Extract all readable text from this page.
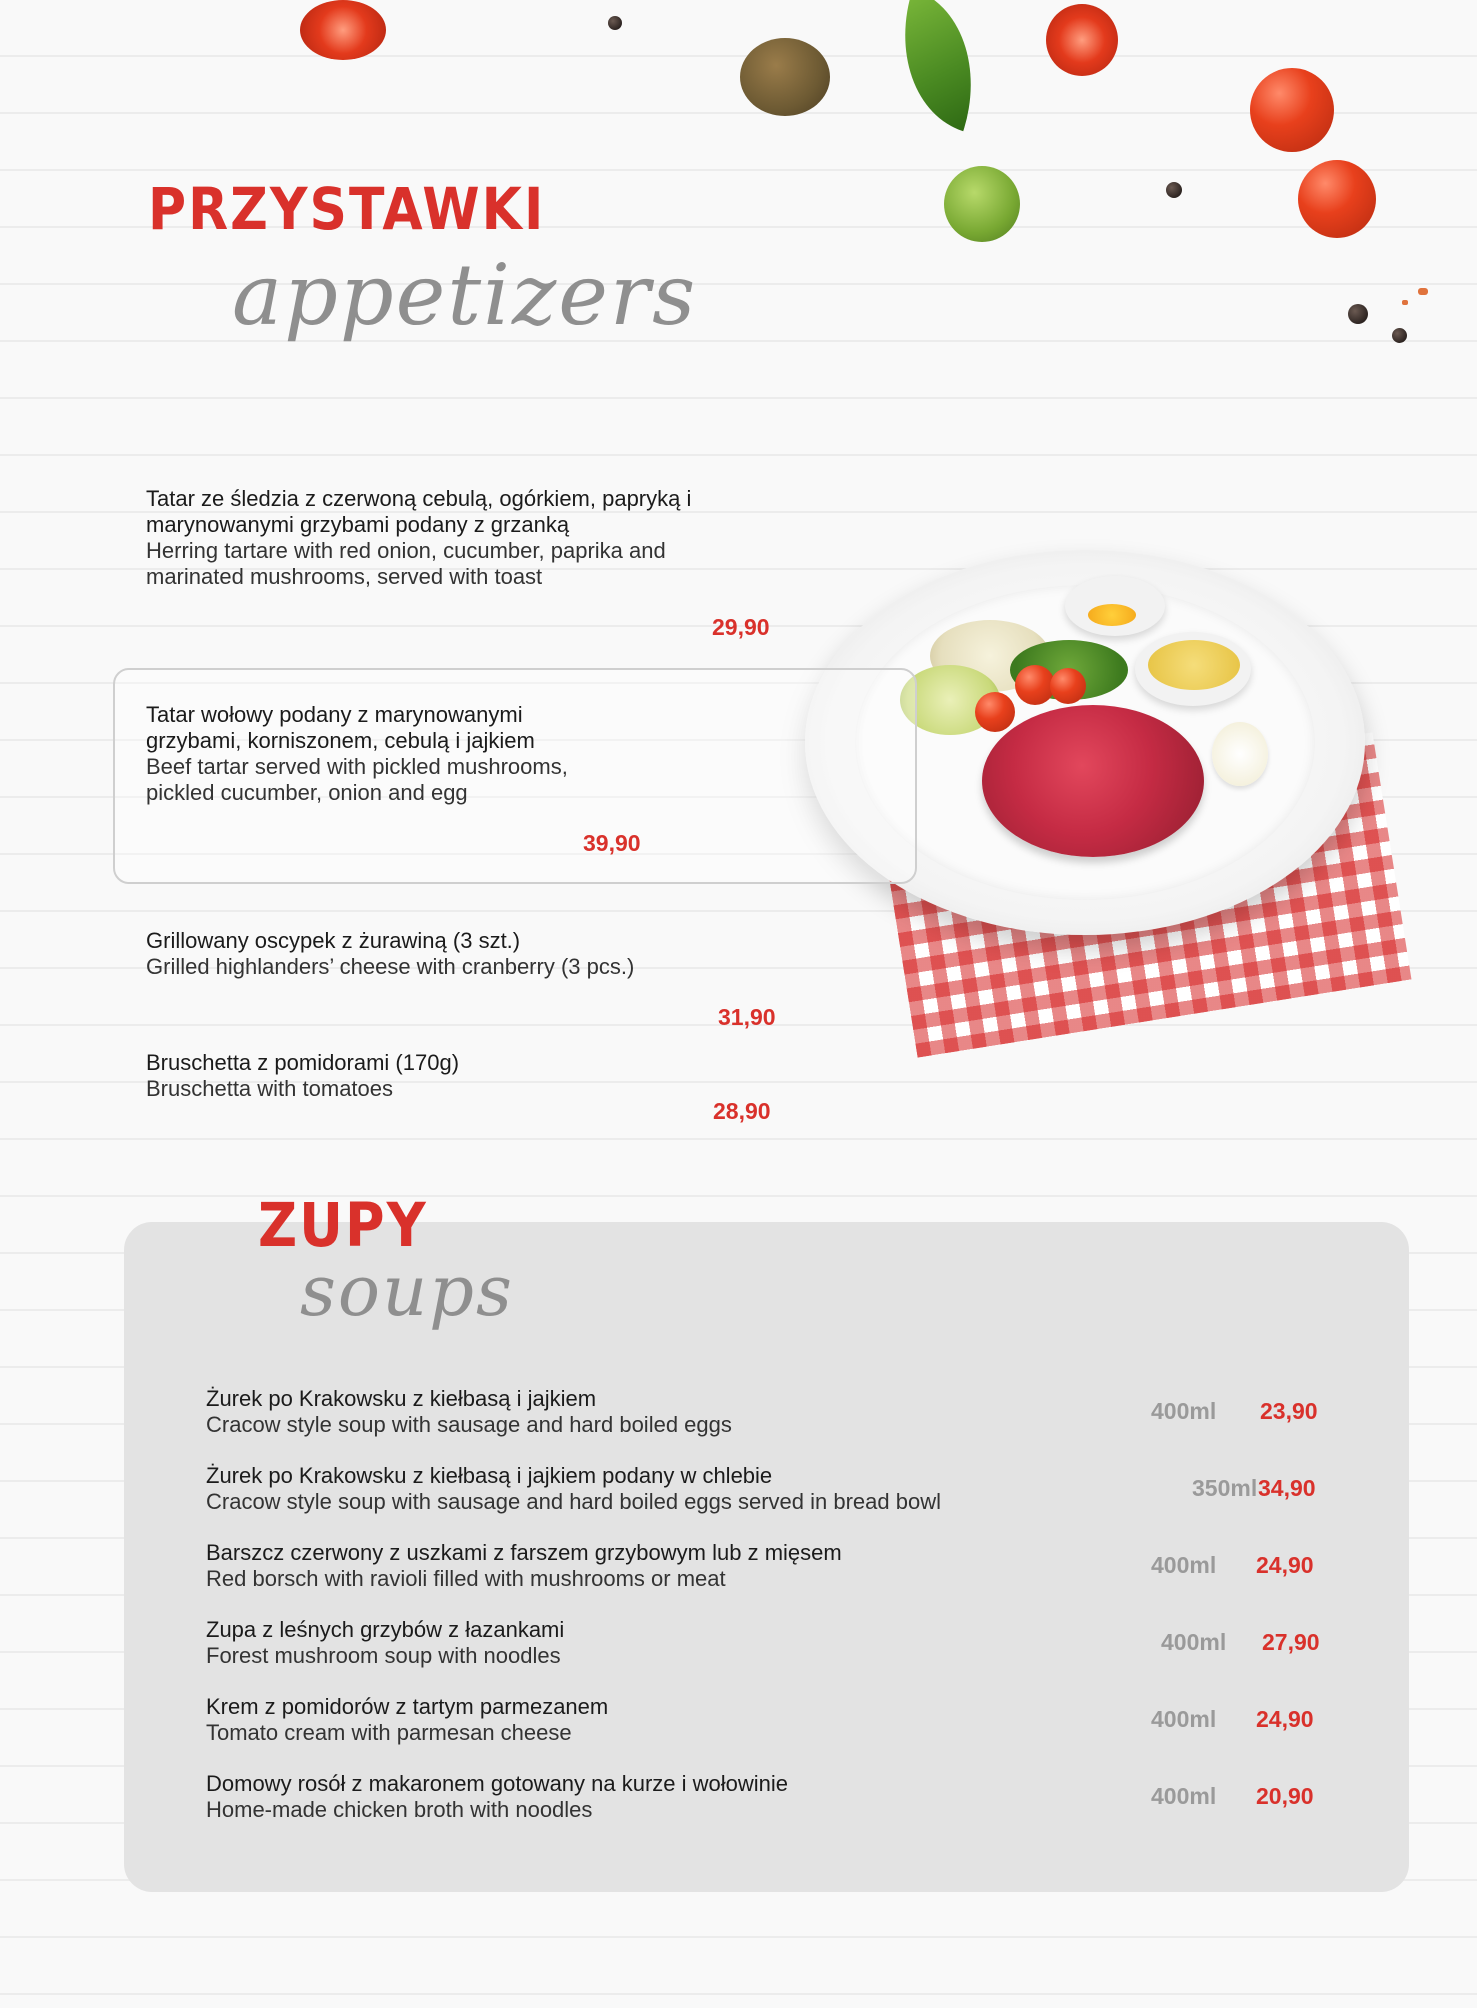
PRZYSTAWKI
appetizers
Tatar ze śledzia z czerwoną cebulą, ogórkiem, papryką i
marynowanymi grzybami podany z grzanką
Herring tartare with red onion, cucumber, paprika and
marinated mushrooms, served with toast
29,90
Tatar wołowy podany z marynowanymi
grzybami, korniszonem, cebulą i jajkiem
Beef tartar served with pickled mushrooms,
pickled cucumber, onion and egg
39,90
Grillowany oscypek z żurawiną (3 szt.)
Grilled highlanders’ cheese with cranberry (3 pcs.)
31,90
Bruschetta z pomidorami (170g)
Bruschetta with tomatoes
28,90
ZUPY
soups
Żurek po Krakowsku z kiełbasą i jajkiem
Cracow style soup with sausage and hard boiled eggs
400ml 23,90
Żurek po Krakowsku z kiełbasą i jajkiem podany w chlebie
Cracow style soup with sausage and hard boiled eggs served in bread bowl
350ml 34,90
Barszcz czerwony z uszkami z farszem grzybowym lub z mięsem
Red borsch with ravioli filled with mushrooms or meat
400ml 24,90
Zupa z leśnych grzybów z łazankami
Forest mushroom soup with noodles
400ml 27,90
Krem z pomidorów z tartym parmezanem
Tomato cream with parmesan cheese
400ml 24,90
Domowy rosół z makaronem gotowany na kurze i wołowinie
Home-made chicken broth with noodles
400ml 20,90
